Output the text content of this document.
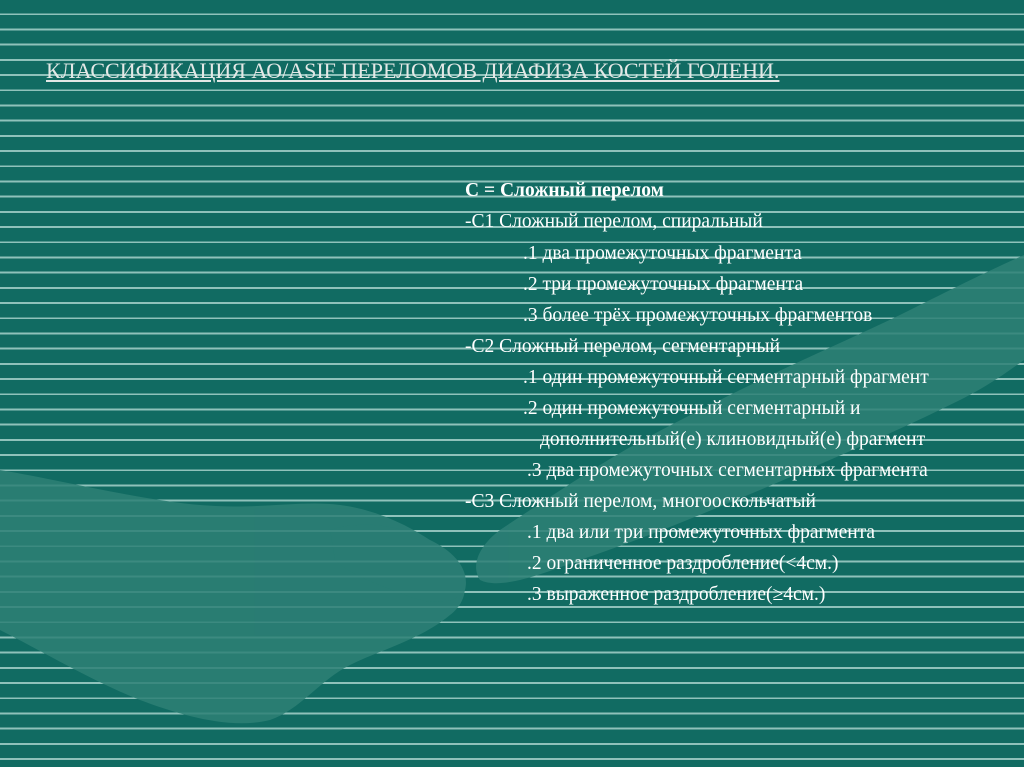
КЛАССИФИКАЦИЯ АО/ASIF ПЕРЕЛОМОВ ДИАФИЗА КОСТЕЙ ГОЛЕНИ.
С = Сложный перелом
-С1 Сложный перелом, спиральный
.1 два промежуточных фрагмента
.2 три промежуточных фрагмента
.3 более трёх промежуточных фрагментов
-С2 Сложный перелом, сегментарный
.1 один промежуточный сегментарный фрагмент
.2 один промежуточный сегментарный и
дополнительный(е) клиновидный(е) фрагмент
.3 два промежуточных сегментарных фрагмента
-С3 Сложный перелом, многооскольчатый
.1 два или три промежуточных фрагмента
.2 ограниченное раздробление(<4см.)
.3 выраженное раздробление(≥4см.)
